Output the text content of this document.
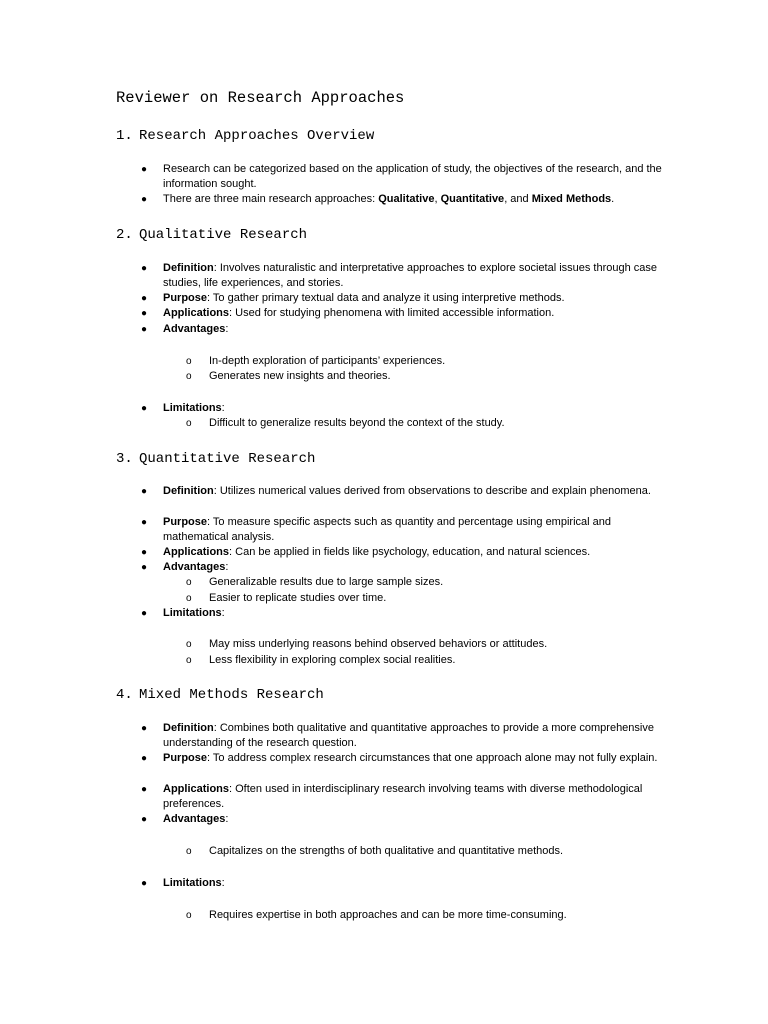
Reviewer on Research Approaches
1. Research Approaches Overview
●	Research can be categorized based on the application of study, the objectives of the research, and the information sought.
●	There are three main research approaches: Qualitative, Quantitative, and Mixed Methods.
2. Qualitative Research
●	Definition: Involves naturalistic and interpretative approaches to explore societal issues through case studies, life experiences, and stories.
●	Purpose: To gather primary textual data and analyze it using interpretive methods.
●	Applications: Used for studying phenomena with limited accessible information.
●	Advantages:
o	In-depth exploration of participants’ experiences.
o	Generates new insights and theories.
●	Limitations:
o	Difficult to generalize results beyond the context of the study.
3. Quantitative Research
●	Definition: Utilizes numerical values derived from observations to describe and explain phenomena.
●	Purpose: To measure specific aspects such as quantity and percentage using empirical and mathematical analysis.
●	Applications: Can be applied in fields like psychology, education, and natural sciences.
●	Advantages:
o	Generalizable results due to large sample sizes.
o	Easier to replicate studies over time.
●	Limitations:
o	May miss underlying reasons behind observed behaviors or attitudes.
o	Less flexibility in exploring complex social realities.
4. Mixed Methods Research
●	Definition: Combines both qualitative and quantitative approaches to provide a more comprehensive understanding of the research question.
●	Purpose: To address complex research circumstances that one approach alone may not fully explain.
●	Applications: Often used in interdisciplinary research involving teams with diverse methodological preferences.
●	Advantages:
o	Capitalizes on the strengths of both qualitative and quantitative methods.
●	Limitations:
o	Requires expertise in both approaches and can be more time-consuming.
